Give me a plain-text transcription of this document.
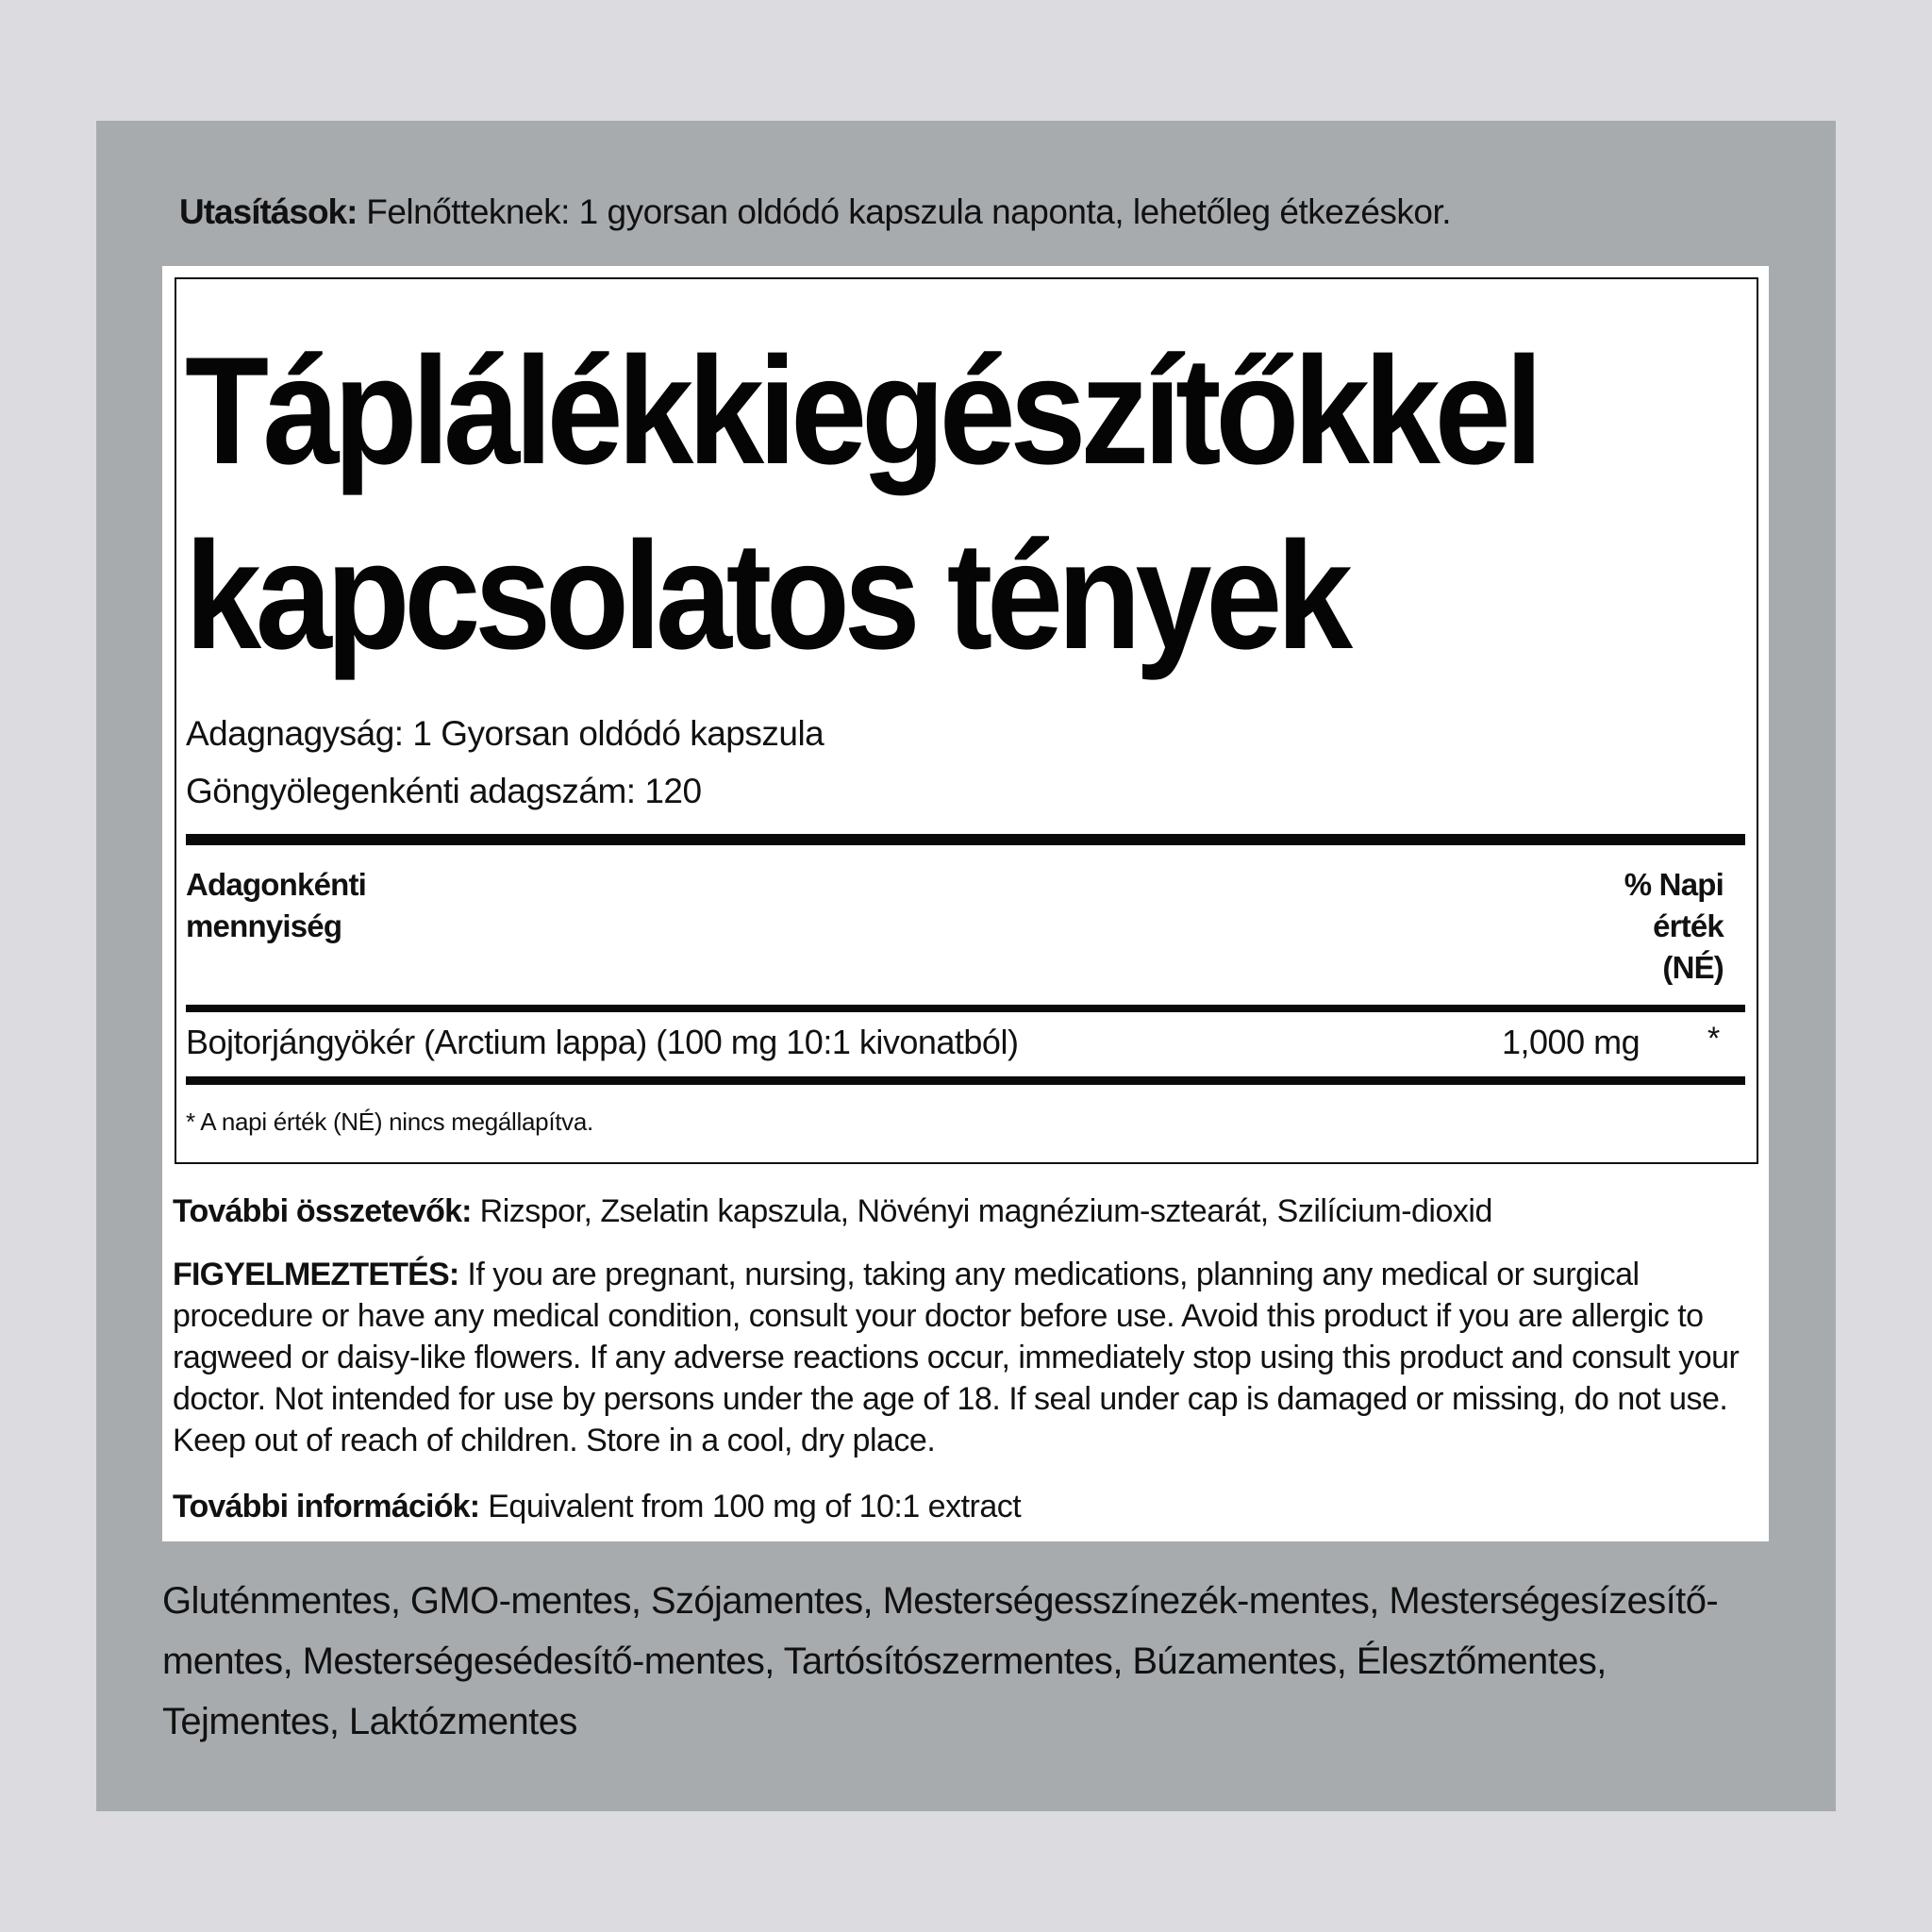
Utasítások: Felnőtteknek: 1 gyorsan oldódó kapszula naponta, lehetőleg étkezéskor.
Táplálékkiegészítőkkel
kapcsolatos tények
Adagnagyság: 1 Gyorsan oldódó kapszula
Göngyölegenkénti adagszám: 120
Adagonkénti
mennyiség
% Napi
érték
(NÉ)
Bojtorjángyökér (Arctium lappa) (100 mg 10:1 kivonatból)	1,000 mg *
* A napi érték (NÉ) nincs megállapítva.
További összetevők: Rizspor, Zselatin kapszula, Növényi magnézium-sztearát, Szilícium-dioxid
FIGYELMEZTETÉS: If you are pregnant, nursing, taking any medications, planning any medical or surgical procedure or have any medical condition, consult your doctor before use. Avoid this product if you are allergic to ragweed or daisy-like flowers. If any adverse reactions occur, immediately stop using this product and consult your doctor. Not intended for use by persons under the age of 18. If seal under cap is damaged or missing, do not use. Keep out of reach of children. Store in a cool, dry place.
További információk: Equivalent from 100 mg of 10:1 extract
Gluténmentes, GMO-mentes, Szójamentes, Mesterségesszínezék-mentes, Mesterségesízesítő-mentes, Mesterségesédesítő-mentes, Tartósítószermentes, Búzamentes, Élesztőmentes, Tejmentes, Laktózmentes
